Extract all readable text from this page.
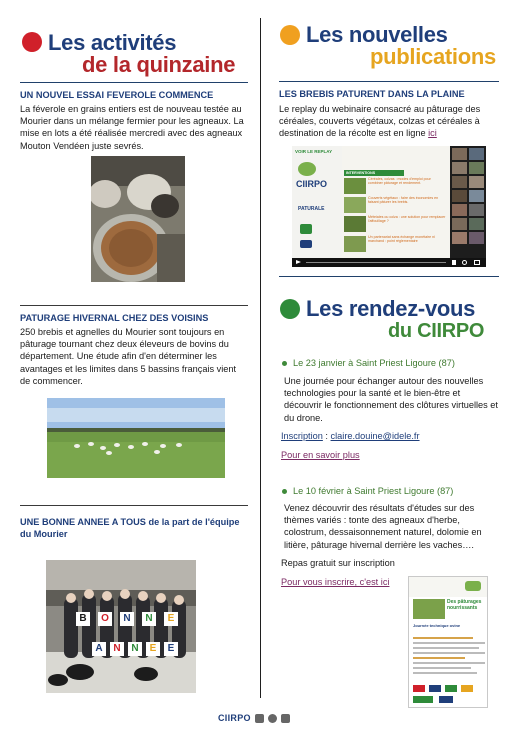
Les activités
de la quinzaine
UN NOUVEL ESSAI FEVEROLE COMMENCE
La féverole en grains entiers est de nouveau testée au Mourier dans un mélange fermier pour les agneaux. La mise en lots a été réalisée mercredi avec des agneaux Mouton Vendéen juste sevrés.
PATURAGE HIVERNAL CHEZ DES VOISINS
250 brebis et agnelles du Mourier sont toujours en pâturage tournant chez deux éleveurs de bovins du département. Une étude afin d'en déterminer les avantages et les limites dans 5 bassins français vient de commencer.
UNE BONNE ANNEE A TOUS de la part de l'équipe du Mourier
B	O	N	N	E
A	N	N	E	E
Les nouvelles
publications
LES BREBIS PATURENT DANS LA PLAINE
Le replay du webinaire consacré au pâturage des céréales, couverts végétaux, colzas et céréales à destination de la récolte est en ligne ici
VOIR LE REPLAY
CIIRPO
PATURALE
INTERVENTIONS
Céréales, colzas : modes d'emploi pour combiner pâturage et rendement.
Couverts végétaux : faire des économies en faisant pâturer les brebis.
Méteiales ou colza : une solution pour remplacer l'affouillage ?
Un partenariat sans échange monétaire ni marchand : point réglementaire
Les rendez-vous
du CIIRPO
Le 23 janvier à Saint Priest Ligoure (87)
Une journée pour échanger autour des nouvelles technologies pour la santé et le bien-être et découvrir le fonctionnement des clôtures virtuelles et du drone.
Inscription : claire.douine@idele.fr
Pour en savoir plus
Le 10 février à Saint Priest Ligoure (87)
Venez découvrir des résultats d'études sur des thèmes variés : tonte des agneaux d'herbe, colostrum, dessaisonnement naturel, dolomie en litière, pâturage hivernal derrière les vaches….
Repas gratuit sur inscription
Pour vous inscrire, c'est ici
Des pâturages nourrissants
Journée technique ovine
CIIRPO
